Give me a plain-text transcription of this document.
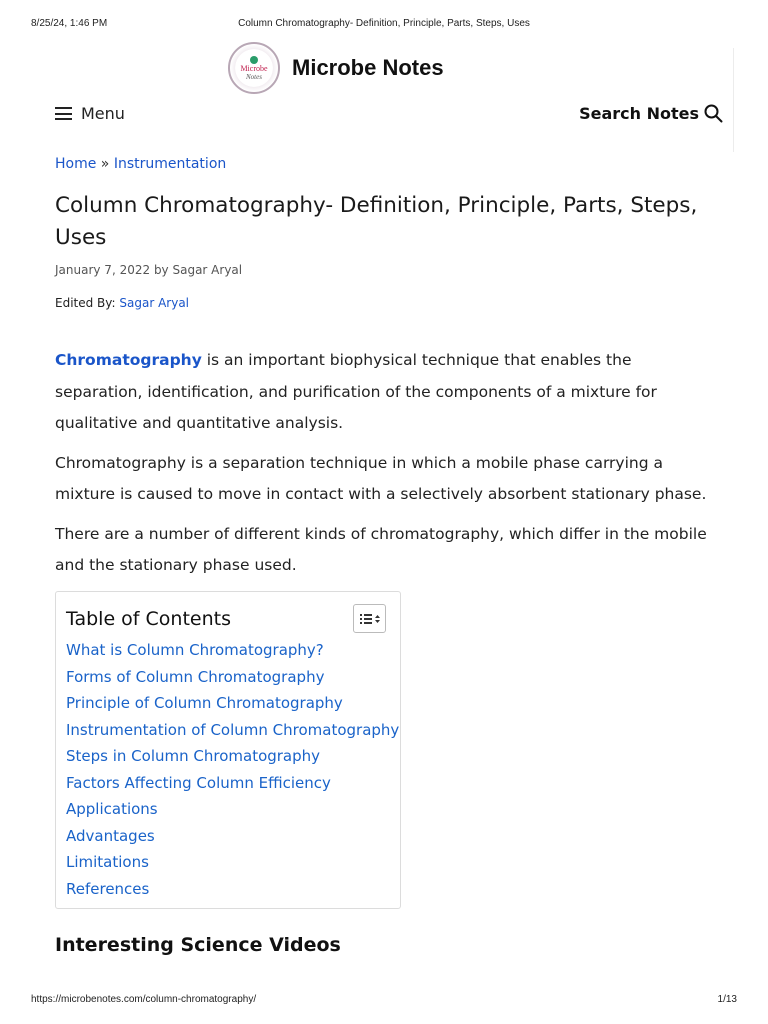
8/25/24, 1:46 PM	Column Chromatography- Definition, Principle, Parts, Steps, Uses
Microbe
Notes Microbe Notes
Menu	Search Notes
Home » Instrumentation
Column Chromatography- Definition, Principle, Parts, Steps, Uses
January 7, 2022 by Sagar Aryal
Edited By: Sagar Aryal

Chromatography is an important biophysical technique that enables the separation, identification, and purification of the components of a mixture for qualitative and quantitative analysis.

Chromatography is a separation technique in which a mobile phase carrying a mixture is caused to move in contact with a selectively absorbent stationary phase.

There are a number of different kinds of chromatography, which differ in the mobile and the stationary phase used.

Table of Contents
What is Column Chromatography?
Forms of Column Chromatography
Principle of Column Chromatography
Instrumentation of Column Chromatography
Steps in Column Chromatography
Factors Affecting Column Efficiency
Applications
Advantages
Limitations
References
Interesting Science Videos
https://microbenotes.com/column-chromatography/	1/13
